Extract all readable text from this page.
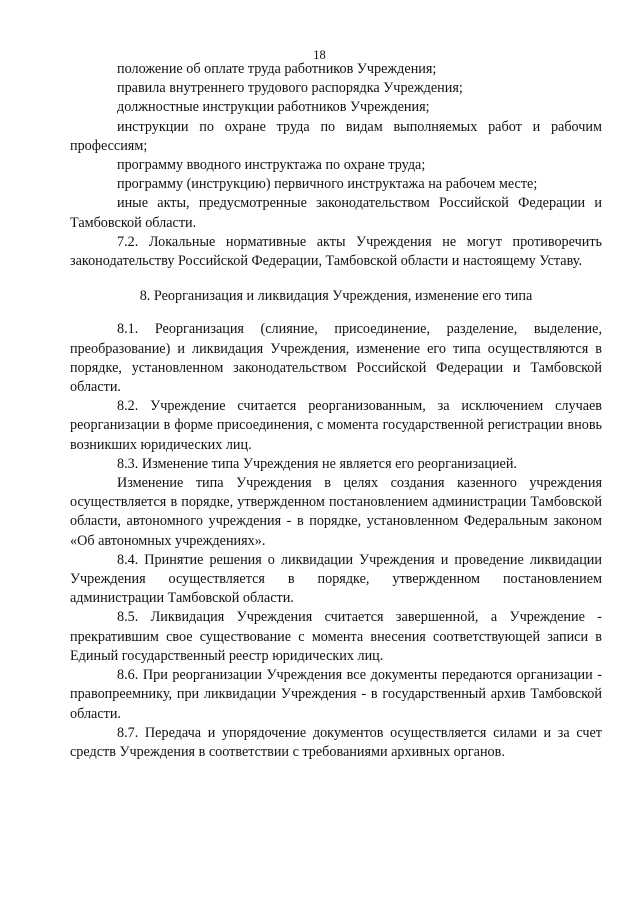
18

положение об оплате труда работников Учреждения;

правила внутреннего трудового распорядка Учреждения;

должностные инструкции работников Учреждения;

инструкции по охране труда по видам выполняемых работ и рабочим профессиям;

программу вводного инструктажа по охране труда;

программу (инструкцию) первичного инструктажа на рабочем месте;

иные акты, предусмотренные законодательством Российской Федерации и Тамбовской области.

7.2. Локальные нормативные акты Учреждения не могут противоречить законодательству Российской Федерации, Тамбовской области и настоящему Уставу.

8. Реорганизация и ликвидация Учреждения, изменение его типа

8.1. Реорганизация (слияние, присоединение, разделение, выделение, преобразование) и ликвидация Учреждения, изменение его типа осуществляются в порядке, установленном законодательством Российской Федерации и Тамбовской области.

8.2. Учреждение считается реорганизованным, за исключением случаев реорганизации в форме присоединения, с момента государственной регистрации вновь возникших юридических лиц.

8.3. Изменение типа Учреждения не является его реорганизацией.

Изменение типа Учреждения в целях создания казенного учреждения осуществляется в порядке, утвержденном постановлением администрации Тамбовской области, автономного учреждения - в порядке, установленном Федеральным законом «Об автономных учреждениях».

8.4. Принятие решения о ликвидации Учреждения и проведение ликвидации Учреждения осуществляется в порядке, утвержденном постановлением администрации Тамбовской области.

8.5. Ликвидация Учреждения считается завершенной, а Учреждение - прекратившим свое существование с момента внесения соответствующей записи в Единый государственный реестр юридических лиц.

8.6. При реорганизации Учреждения все документы передаются организации - правопреемнику, при ликвидации Учреждения - в государственный архив Тамбовской области.

8.7. Передача и упорядочение документов осуществляется силами и за счет средств Учреждения в соответствии с требованиями архивных органов.
